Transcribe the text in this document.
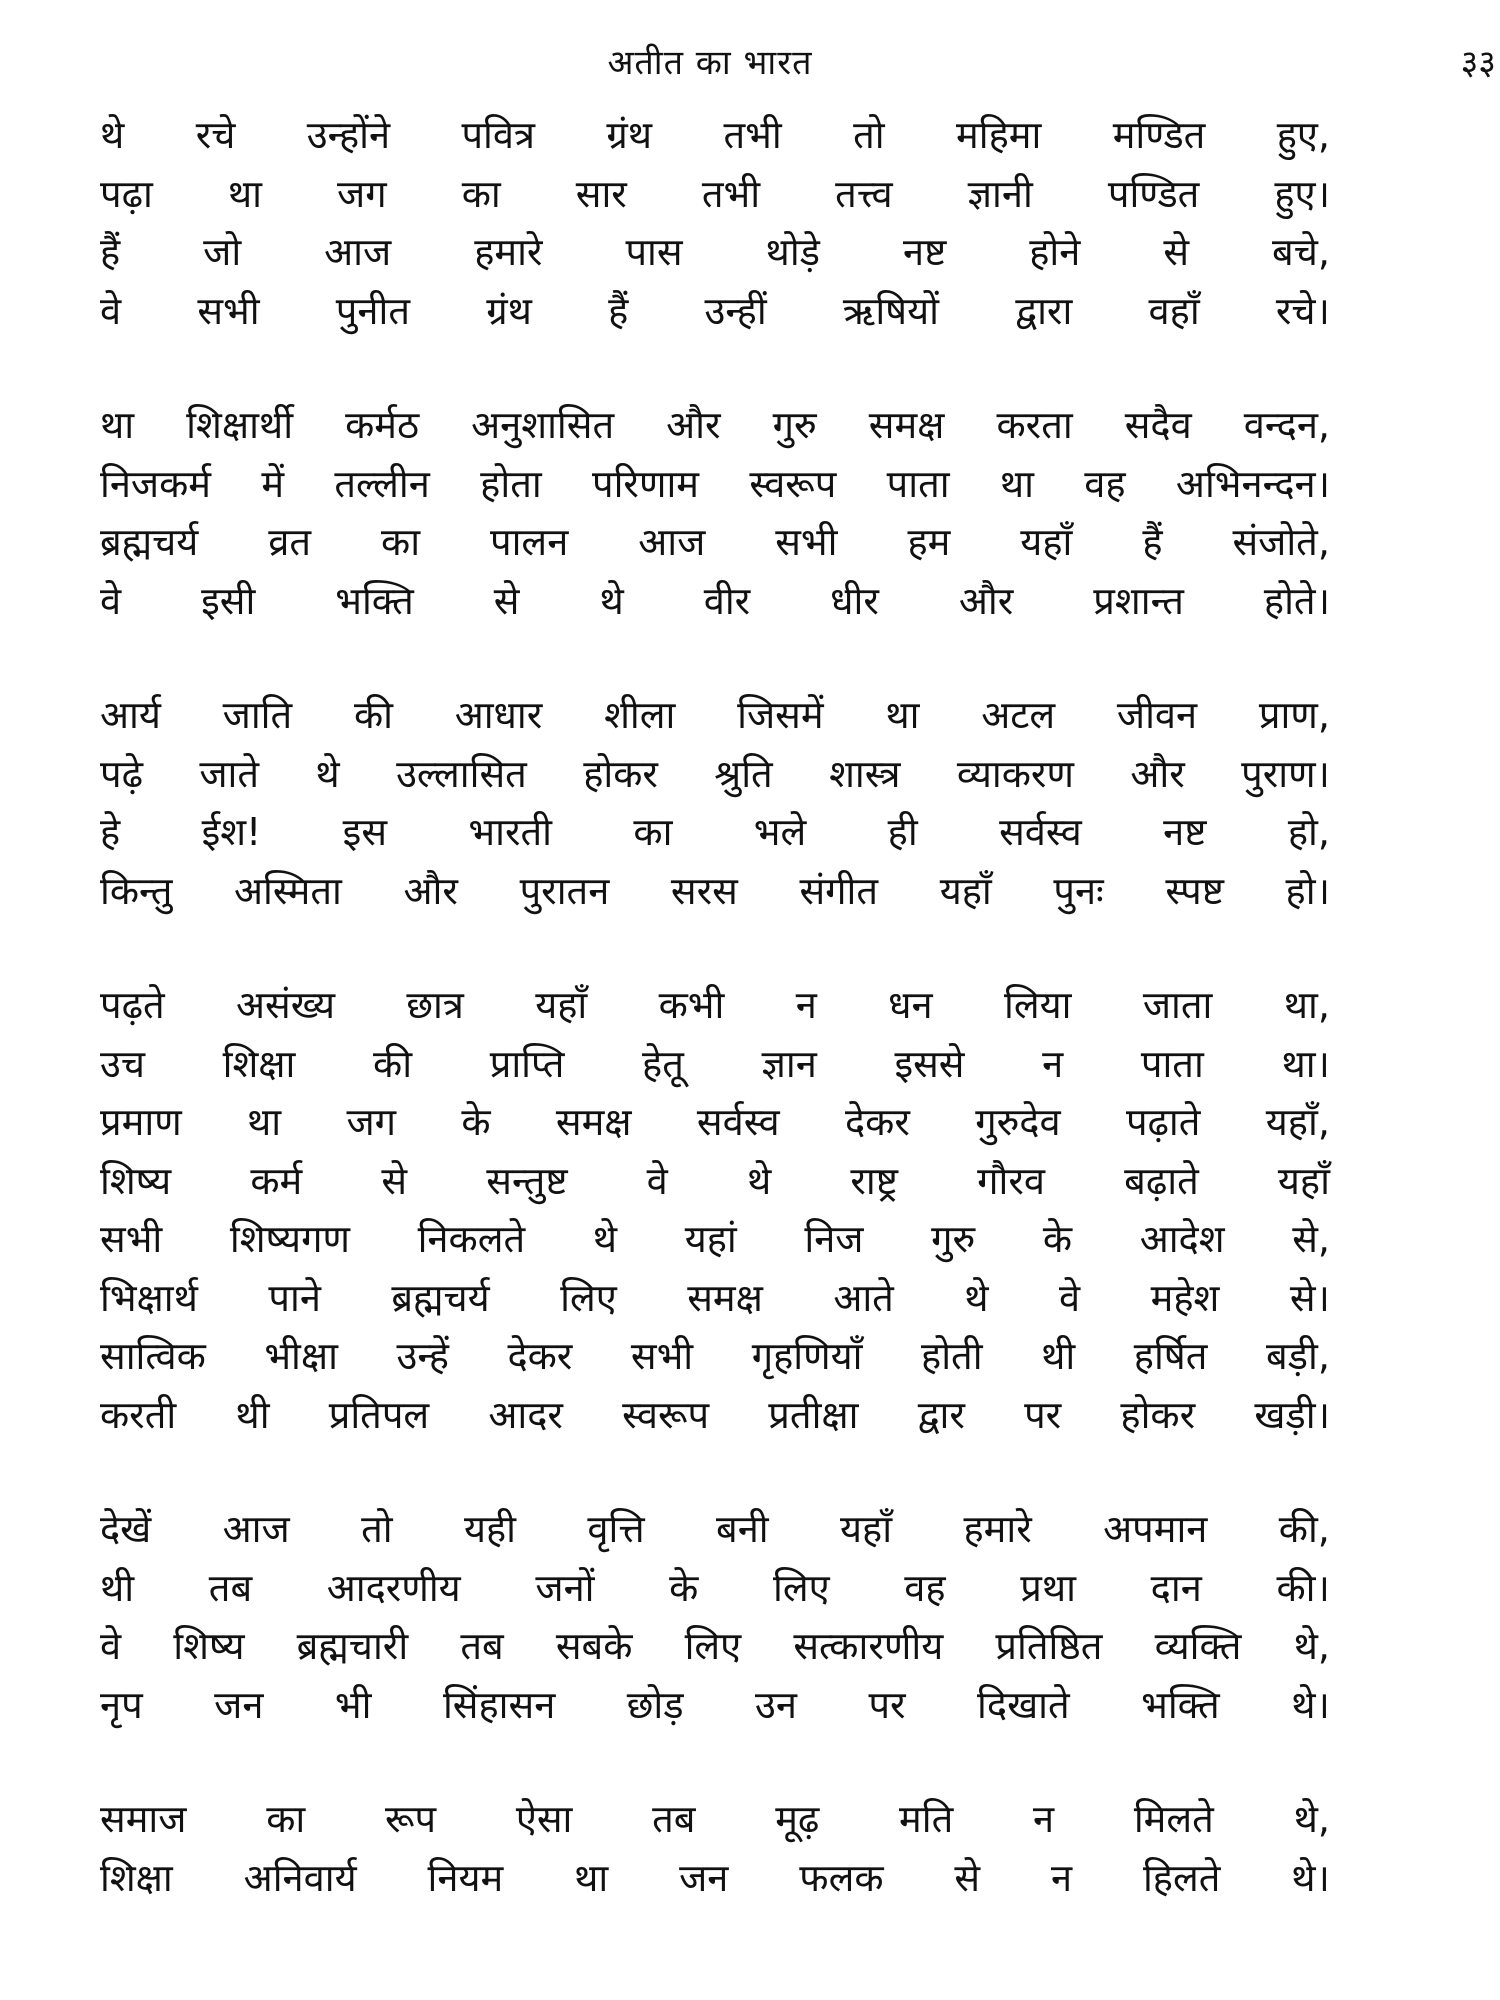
अतीत का भारत	३३
थे रचे उन्होंने पवित्र ग्रंथ तभी तो महिमा मण्डित हुए,
पढ़ा था जग का सार तभी तत्त्व ज्ञानी पण्डित हुए।
हैं जो आज हमारे पास थोड़े नष्ट होने से बचे,
वे सभी पुनीत ग्रंथ हैं उन्हीं ऋषियों द्वारा वहाँ रचे।
था शिक्षार्थी कर्मठ अनुशासित और गुरु समक्ष करता सदैव वन्दन,
निजकर्म में तल्लीन होता परिणाम स्वरूप पाता था वह अभिनन्दन।
ब्रह्मचर्य व्रत का पालन आज सभी हम यहाँ हैं संजोते,
वे इसी भक्ति से थे वीर धीर और प्रशान्त होते।
आर्य जाति की आधार शीला जिसमें था अटल जीवन प्राण,
पढ़े जाते थे उल्लासित होकर श्रुति शास्त्र व्याकरण और पुराण।
हे ईश! इस भारती का भले ही सर्वस्व नष्ट हो,
किन्तु अस्मिता और पुरातन सरस संगीत यहाँ पुनः स्पष्ट हो।
पढ़ते असंख्य छात्र यहाँ कभी न धन लिया जाता था,
उच शिक्षा की प्राप्ति हेतू ज्ञान इससे न पाता था।
प्रमाण था जग के समक्ष सर्वस्व देकर गुरुदेव पढ़ाते यहाँ,
शिष्य कर्म से सन्तुष्ट वे थे राष्ट्र गौरव बढ़ाते यहाँ
सभी शिष्यगण निकलते थे यहां निज गुरु के आदेश से,
भिक्षार्थ पाने ब्रह्मचर्य लिए समक्ष आते थे वे महेश से।
सात्विक भीक्षा उन्हें देकर सभी गृहणियाँ होती थी हर्षित बड़ी,
करती थी प्रतिपल आदर स्वरूप प्रतीक्षा द्वार पर होकर खड़ी।
देखें आज तो यही वृत्ति बनी यहाँ हमारे अपमान की,
थी तब आदरणीय जनों के लिए वह प्रथा दान की।
वे शिष्य ब्रह्मचारी तब सबके लिए सत्कारणीय प्रतिष्ठित व्यक्ति थे,
नृप जन भी सिंहासन छोड़ उन पर दिखाते भक्ति थे।
समाज का रूप ऐसा तब मूढ़ मति न मिलते थे,
शिक्षा अनिवार्य नियम था जन फलक से न हिलते थे।
